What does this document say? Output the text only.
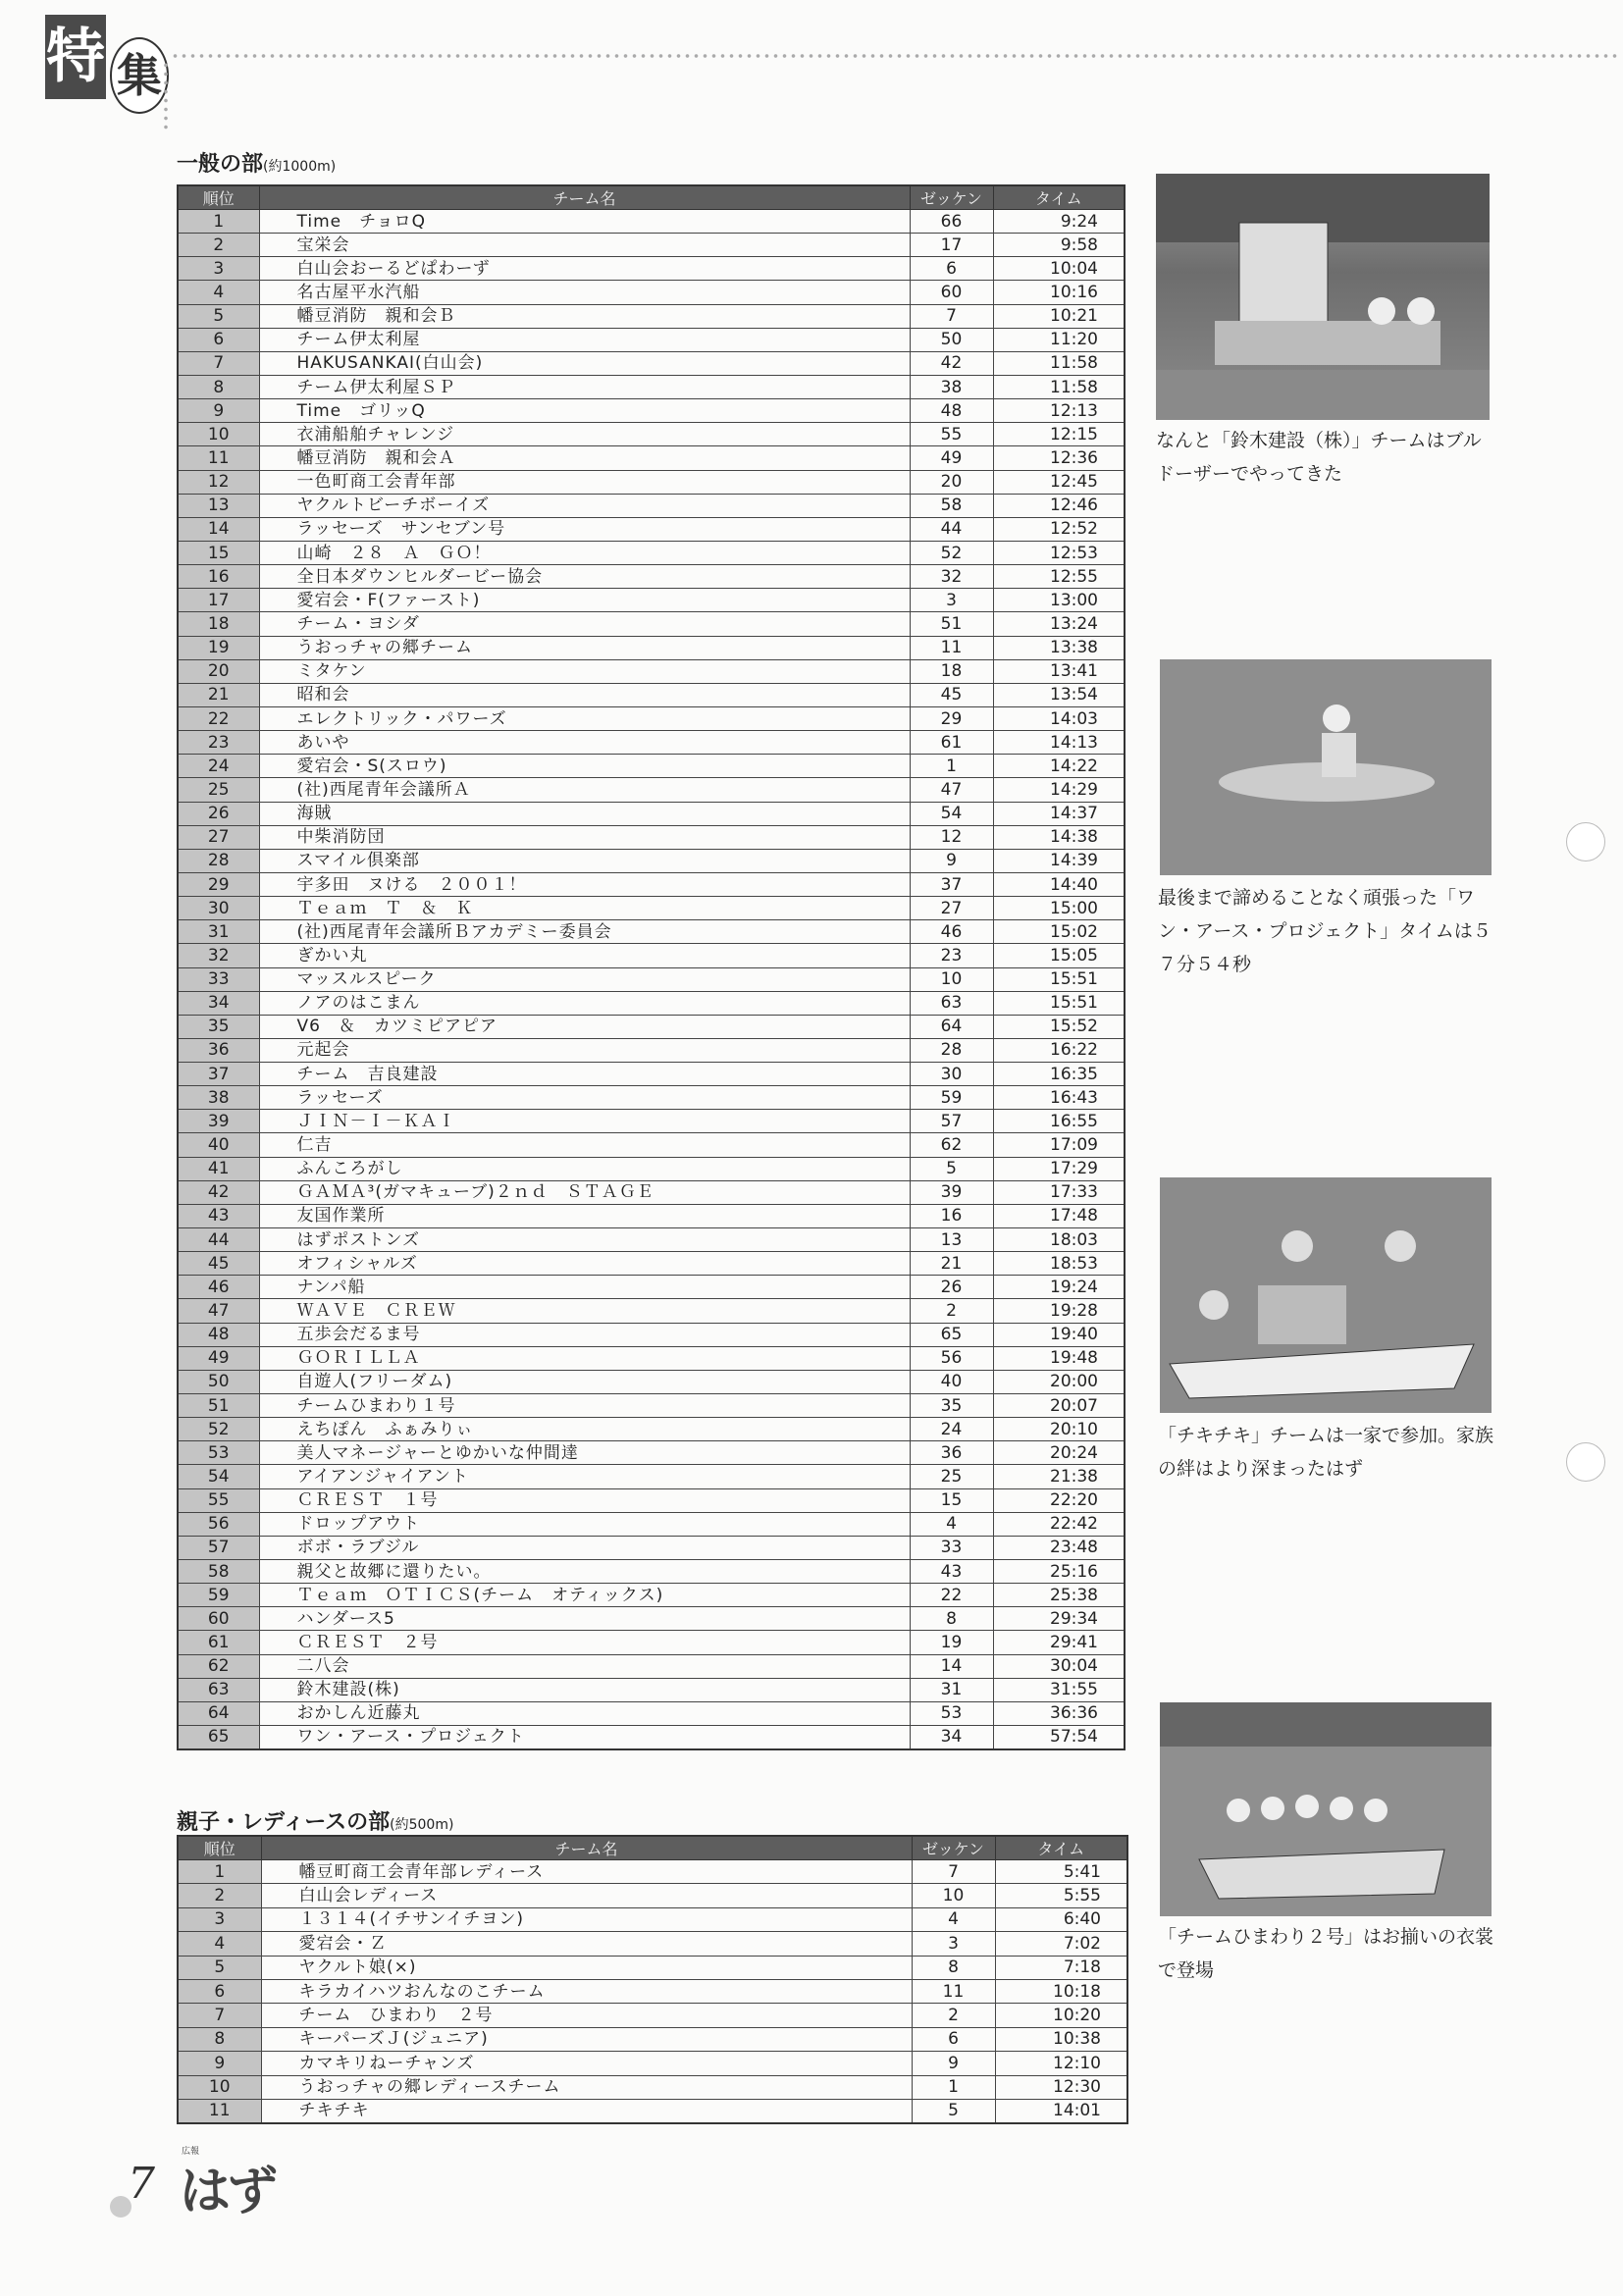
特 集
一般の部(約1000m)
順位	チーム名	ゼッケン	タイム
1	Time　チョロQ	66	9:24
2	宝栄会	17	9:58
3	白山会おーるどぱわーず	6	10:04
4	名古屋平水汽船	60	10:16
5	幡豆消防　親和会Ｂ	7	10:21
6	チーム伊太利屋	50	11:20
7	HAKUSANKAI(白山会)	42	11:58
8	チーム伊太利屋ＳＰ	38	11:58
9	Time　ゴリッQ	48	12:13
10	衣浦船舶チャレンジ	55	12:15
11	幡豆消防　親和会Ａ	49	12:36
12	一色町商工会青年部	20	12:45
13	ヤクルトビーチボーイズ	58	12:46
14	ラッセーズ　サンセブン号	44	12:52
15	山崎　２８　Ａ　ＧＯ！	52	12:53
16	全日本ダウンヒルダービー協会	32	12:55
17	愛宕会・F(ファースト)	3	13:00
18	チーム・ヨシダ	51	13:24
19	うおっチャの郷チーム	11	13:38
20	ミタケン	18	13:41
21	昭和会	45	13:54
22	エレクトリック・パワーズ	29	14:03
23	あいや	61	14:13
24	愛宕会・S(スロウ)	1	14:22
25	(社)西尾青年会議所Ａ	47	14:29
26	海賊	54	14:37
27	中柴消防団	12	14:38
28	スマイル倶楽部	9	14:39
29	宇多田　ヌける　２００１！	37	14:40
30	Ｔｅａｍ　Ｔ　＆　Ｋ	27	15:00
31	(社)西尾青年会議所Ｂアカデミー委員会	46	15:02
32	ぎかい丸	23	15:05
33	マッスルスピーク	10	15:51
34	ノアのはこまん	63	15:51
35	V6　＆　カツミピアピア	64	15:52
36	元起会	28	16:22
37	チーム　吉良建設	30	16:35
38	ラッセーズ	59	16:43
39	ＪＩＮ－Ｉ－ＫＡＩ	57	16:55
40	仁吉	62	17:09
41	ふんころがし	5	17:29
42	ＧＡＭＡ³(ガマキューブ)２ｎｄ　ＳＴＡＧＥ	39	17:33
43	友国作業所	16	17:48
44	はずポストンズ	13	18:03
45	オフィシャルズ	21	18:53
46	ナンパ船	26	19:24
47	ＷＡＶＥ　ＣＲＥＷ	2	19:28
48	五歩会だるま号	65	19:40
49	ＧＯＲＩＬＬＡ	56	19:48
50	自遊人(フリーダム)	40	20:00
51	チームひまわり１号	35	20:07
52	えちぽん　ふぁみりぃ	24	20:10
53	美人マネージャーとゆかいな仲間達	36	20:24
54	アイアンジャイアント	25	21:38
55	ＣＲＥＳＴ　１号	15	22:20
56	ドロップアウト	4	22:42
57	ボボ・ラブジル	33	23:48
58	親父と故郷に還りたい。	43	25:16
59	Ｔｅａｍ　ＯＴＩＣＳ(チーム　オティックス)	22	25:38
60	ハンダース5	8	29:34
61	ＣＲＥＳＴ　２号	19	29:41
62	二八会	14	30:04
63	鈴木建設(株)	31	31:55
64	おかしん近藤丸	53	36:36
65	ワン・アース・プロジェクト	34	57:54
親子・レディースの部(約500m)
順位	チーム名	ゼッケン	タイム
1	幡豆町商工会青年部レディース	7	5:41
2	白山会レディース	10	5:55
3	１３１４(イチサンイチヨン)	4	6:40
4	愛宕会・Ｚ	3	7:02
5	ヤクルト娘(×)	8	7:18
6	キラカイハツおんなのこチーム	11	10:18
7	チーム　ひまわり　２号	2	10:20
8	キーパーズＪ(ジュニア)	6	10:38
9	カマキリねーチャンズ	9	12:10
10	うおっチャの郷レディースチーム	1	12:30
11	チキチキ	5	14:01
なんと「鈴木建設（株）」チームはブルドーザーでやってきた
最後まで諦めることなく頑張った「ワン・アース・プロジェクト」タイムは５７分５４秒
「チキチキ」チームは一家で参加。家族の絆はより深まったはず
「チームひまわり２号」はお揃いの衣裳で登場
7
広報
はず
